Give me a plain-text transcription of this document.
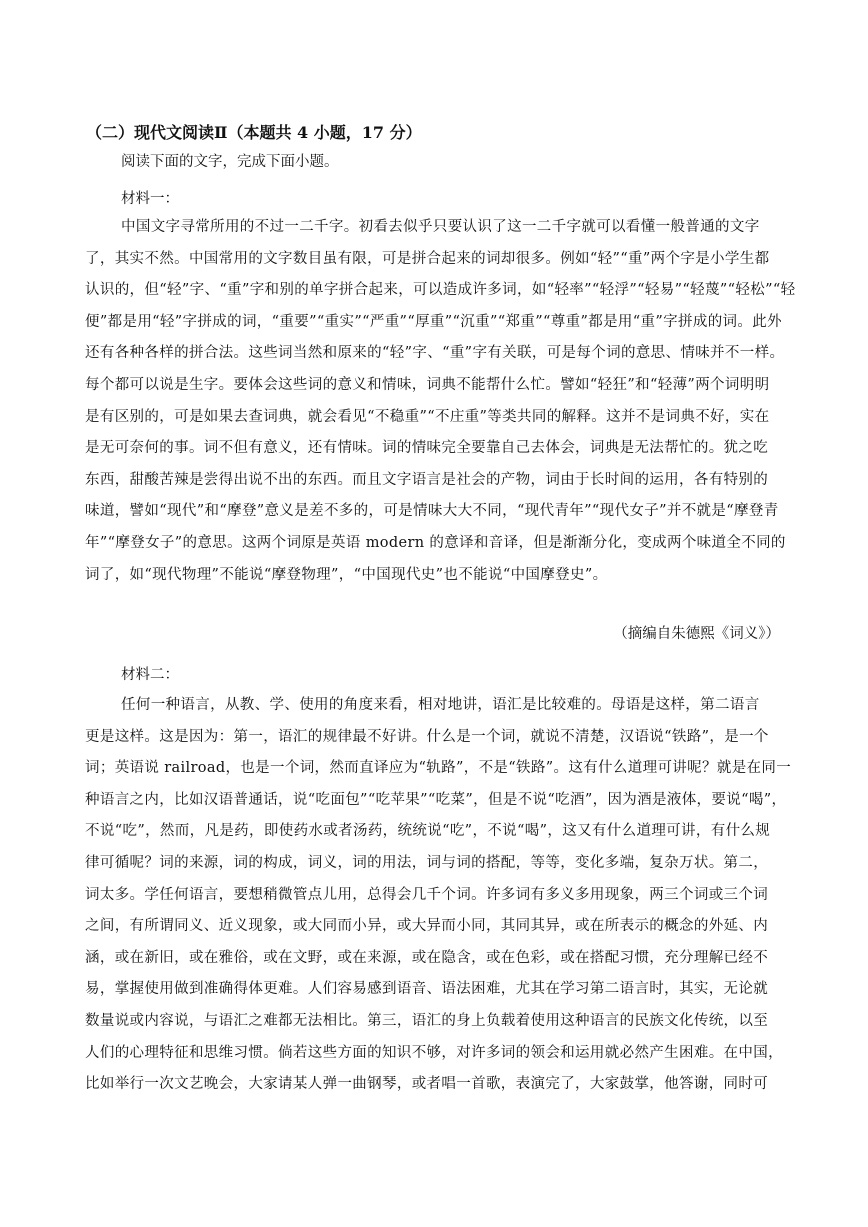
（二）现代文阅读Ⅱ（本题共 4 小题，17 分）
阅读下面的文字，完成下面小题。
材料一：
中国文字寻常所用的不过一二千字。初看去似乎只要认识了这一二千字就可以看懂一般普通的文字
了，其实不然。中国常用的文字数目虽有限，可是拼合起来的词却很多。例如“轻”“重”两个字是小学生都
认识的，但“轻”字、“重”字和别的单字拼合起来，可以造成许多词，如“轻率”“轻浮”“轻易”“轻蔑”“轻松”“轻
便”都是用“轻”字拼成的词，“重要”“重实”“严重”“厚重”“沉重”“郑重”“尊重”都是用“重”字拼成的词。此外
还有各种各样的拼合法。这些词当然和原来的“轻”字、“重”字有关联，可是每个词的意思、情味并不一样。
每个都可以说是生字。要体会这些词的意义和情味，词典不能帮什么忙。譬如“轻狂”和“轻薄”两个词明明
是有区别的，可是如果去查词典，就会看见“不稳重”“不庄重”等类共同的解释。这并不是词典不好，实在
是无可奈何的事。词不但有意义，还有情味。词的情味完全要靠自己去体会，词典是无法帮忙的。犹之吃
东西，甜酸苦辣是尝得出说不出的东西。而且文字语言是社会的产物，词由于长时间的运用，各有特别的
味道，譬如“现代”和“摩登”意义是差不多的，可是情味大大不同，“现代青年”“现代女子”并不就是“摩登青
年”“摩登女子”的意思。这两个词原是英语 modern 的意译和音译，但是渐渐分化，变成两个味道全不同的
词了，如“现代物理”不能说“摩登物理”，“中国现代史”也不能说“中国摩登史”。
（摘编自朱德熙《词义》）
材料二：
任何一种语言，从教、学、使用的角度来看，相对地讲，语汇是比较难的。母语是这样，第二语言
更是这样。这是因为：第一，语汇的规律最不好讲。什么是一个词，就说不清楚，汉语说“铁路”，是一个
词；英语说 railroad，也是一个词，然而直译应为“轨路”，不是“铁路”。这有什么道理可讲呢？就是在同一
种语言之内，比如汉语普通话，说“吃面包”“吃苹果”“吃菜”，但是不说“吃酒”，因为酒是液体，要说“喝”，
不说“吃”，然而，凡是药，即使药水或者汤药，统统说“吃”，不说“喝”，这又有什么道理可讲，有什么规
律可循呢？词的来源，词的构成，词义，词的用法，词与词的搭配，等等，变化多端，复杂万状。第二，
词太多。学任何语言，要想稍微管点儿用，总得会几千个词。许多词有多义多用现象，两三个词或三个词
之间，有所谓同义、近义现象，或大同而小异，或大异而小同，其同其异，或在所表示的概念的外延、内
涵，或在新旧，或在雅俗，或在文野，或在来源，或在隐含，或在色彩，或在搭配习惯，充分理解已经不
易，掌握使用做到准确得体更难。人们容易感到语音、语法困难，尤其在学习第二语言时，其实，无论就
数量说或内容说，与语汇之难都无法相比。第三，语汇的身上负载着使用这种语言的民族文化传统，以至
人们的心理特征和思维习惯。倘若这些方面的知识不够，对许多词的领会和运用就必然产生困难。在中国，
比如举行一次文艺晚会，大家请某人弹一曲钢琴，或者唱一首歌，表演完了，大家鼓掌，他答谢，同时可
